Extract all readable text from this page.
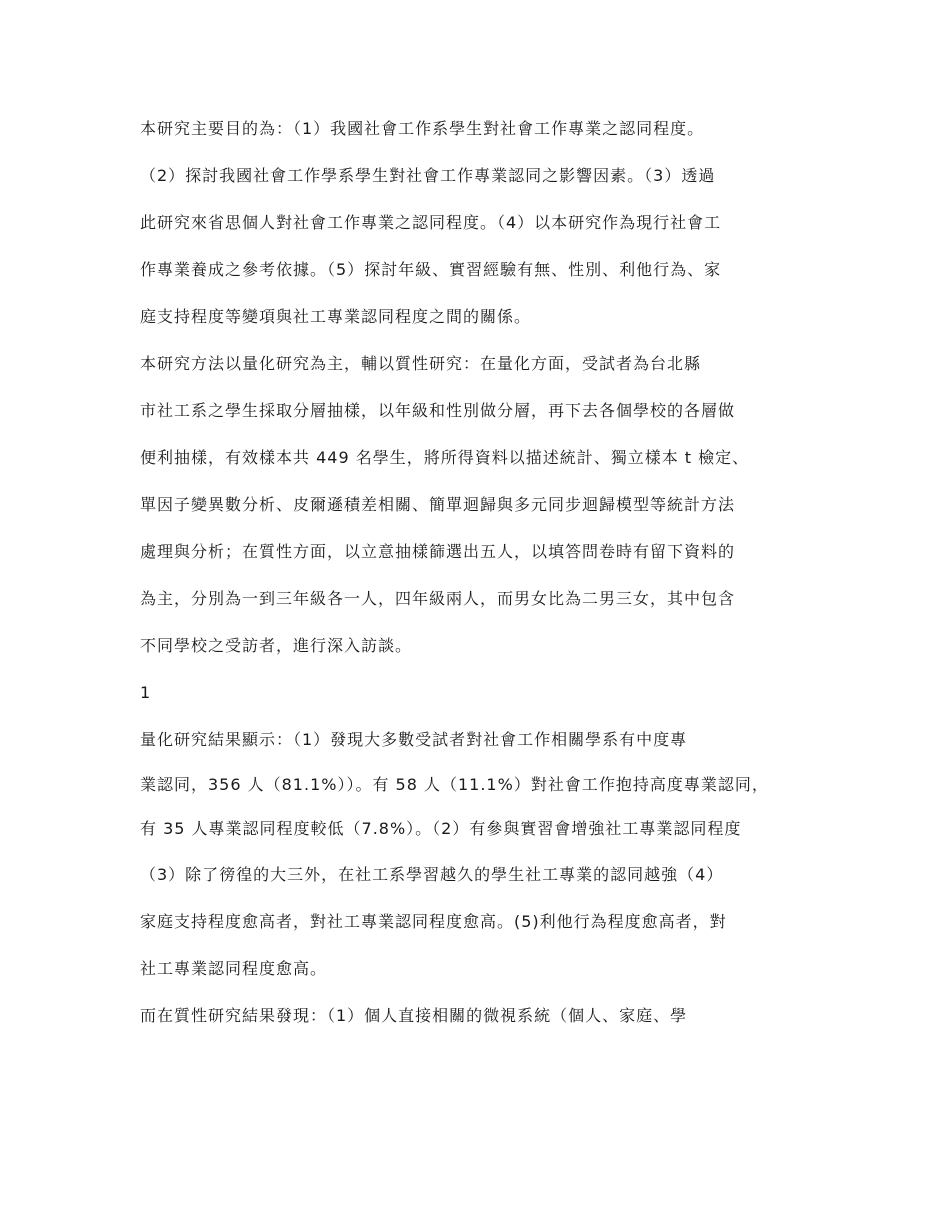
本研究主要目的為：（1）我國社會工作系學生對社會工作專業之認同程度。
（2）探討我國社會工作學系學生對社會工作專業認同之影響因素。（3）透過
此研究來省思個人對社會工作專業之認同程度。（4）以本研究作為現行社會工
作專業養成之參考依據。（5）探討年級、實習經驗有無、性別、利他行為、家
庭支持程度等變項與社工專業認同程度之間的關係。
本研究方法以量化研究為主，輔以質性研究：在量化方面，受試者為台北縣
市社工系之學生採取分層抽樣，以年級和性別做分層，再下去各個學校的各層做
便利抽樣，有效樣本共 449 名學生，將所得資料以描述統計、獨立樣本 t 檢定、
單因子變異數分析、皮爾遜積差相關、簡單迴歸與多元同步迴歸模型等統計方法
處理與分析；在質性方面，以立意抽樣篩選出五人，以填答問卷時有留下資料的
為主，分別為一到三年級各一人，四年級兩人，而男女比為二男三女，其中包含
不同學校之受訪者，進行深入訪談。
1
量化研究結果顯示：（1）發現大多數受試者對社會工作相關學系有中度專
業認同，356 人（81.1%））。有 58 人（11.1%）對社會工作抱持高度專業認同，
有 35 人專業認同程度較低（7.8%）。（2）有參與實習會增強社工專業認同程度
（3）除了徬徨的大三外，在社工系學習越久的學生社工專業的認同越強（4）
家庭支持程度愈高者，對社工專業認同程度愈高。(5)利他行為程度愈高者，對
社工專業認同程度愈高。
而在質性研究結果發現：（1）個人直接相關的微視系統（個人、家庭、學
